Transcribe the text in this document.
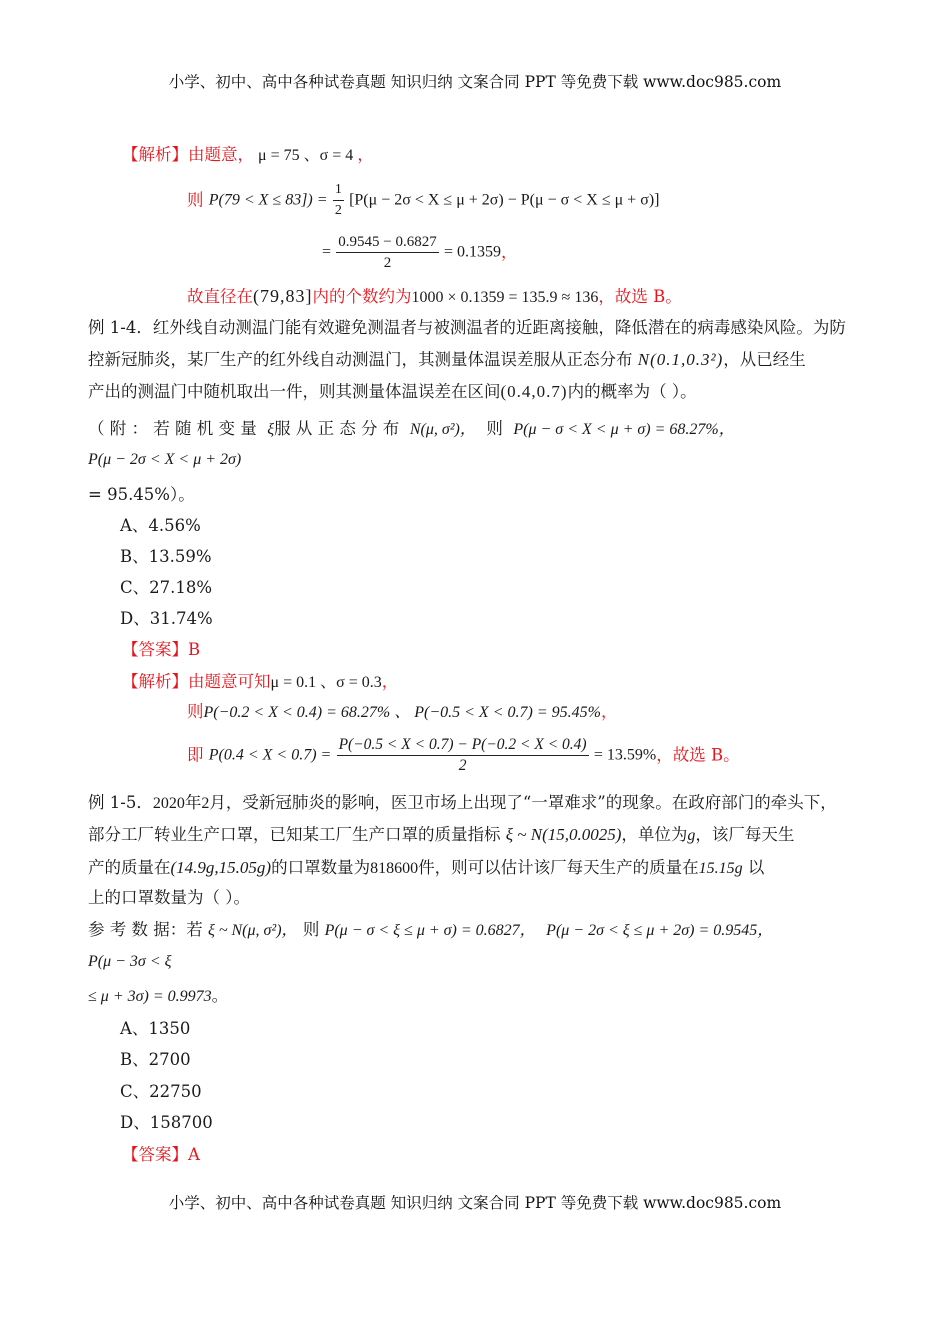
小学、初中、高中各种试卷真题 知识归纳 文案合同 PPT 等免费下载 www.doc985.com
【解析】由题意， μ = 75 、σ = 4 ，
则 $P(79 < X \le 83]) = \frac{1}{2} [P(\mu - 2\sigma < X \le \mu + 2\sigma) - P(\mu - \sigma < X \le \mu + \sigma)]$
= $\frac{0.9545 - 0.6827}{2} = 0.1359$，
故直径在(79,83]内的个数约为1000 × 0.1359 = 135.9 ≈ 136，故选 B。
例 1-4．红外线自动测温门能有效避免测温者与被测温者的近距离接触，降低潜在的病毒感染风险。为防
控新冠肺炎，某厂生产的红外线自动测温门，其测量体温误差服从正态分布 N(0.1,0.3²)，从已经生
产出的测温门中随机取出一件，则其测量体温误差在区间(0.4,0.7)内的概率为（ ）。
（ 附 ： 若 随 机 变 量 ξ服 从 正 态 分 布 N(μ, σ²)， 则 P(μ − σ < X < μ + σ) = 68.27%，
P(μ − 2σ < X < μ + 2σ)
= 95.45%）。
A、4.56%
B、13.59%
C、27.18%
D、31.74%
【答案】B
【解析】由题意可知μ = 0.1 、σ = 0.3，
则P(−0.2 < X < 0.4) = 68.27% 、 P(−0.5 < X < 0.7) = 95.45%，
即 $P(0.4 < X < 0.7) = \frac{P(-0.5 < X < 0.7) - P(-0.2 < X < 0.4)}{2} = 13.59\%$，故选 B。
例 1-5．2020年2月，受新冠肺炎的影响，医卫市场上出现了“一罩难求”的现象。在政府部门的牵头下，
部分工厂转业生产口罩，已知某工厂生产口罩的质量指标 ξ ~ N(15,0.0025)，单位为g，该厂每天生
产的质量在(14.9g,15.05g)的口罩数量为818600件，则可以估计该厂每天生产的质量在15.15g 以
上的口罩数量为（ ）。
参 考 数 据：若 ξ ~ N(μ, σ²)， 则 P(μ − σ < ξ ≤ μ + σ) = 0.6827， P(μ − 2σ < ξ ≤ μ + 2σ) = 0.9545，
P(μ − 3σ < ξ
≤ μ + 3σ) = 0.9973。
A、1350
B、2700
C、22750
D、158700
【答案】A
小学、初中、高中各种试卷真题 知识归纳 文案合同 PPT 等免费下载 www.doc985.com
